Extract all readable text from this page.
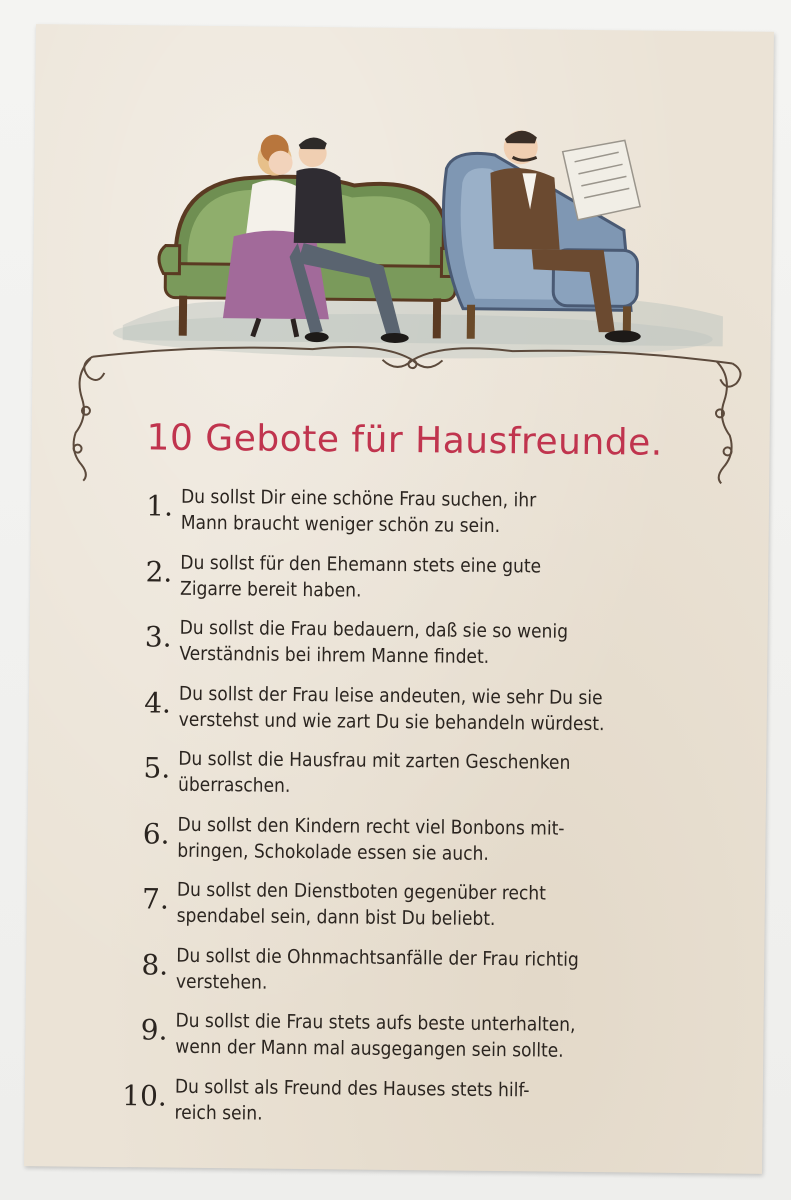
10 Gebote für Hausfreunde.
1. Du sollst Dir eine schöne Frau suchen, ihr
Mann braucht weniger schön zu sein.
2. Du sollst für den Ehemann stets eine gute
Zigarre bereit haben.
3. Du sollst die Frau bedauern, daß sie so wenig
Verständnis bei ihrem Manne findet.
4. Du sollst der Frau leise andeuten, wie sehr Du sie
verstehst und wie zart Du sie behandeln würdest.
5. Du sollst die Hausfrau mit zarten Geschenken
überraschen.
6. Du sollst den Kindern recht viel Bonbons mit-
bringen, Schokolade essen sie auch.
7. Du sollst den Dienstboten gegenüber recht
spendabel sein, dann bist Du beliebt.
8. Du sollst die Ohnmachtsanfälle der Frau richtig
verstehen.
9. Du sollst die Frau stets aufs beste unterhalten,
wenn der Mann mal ausgegangen sein sollte.
10. Du sollst als Freund des Hauses stets hilf-
reich sein.
